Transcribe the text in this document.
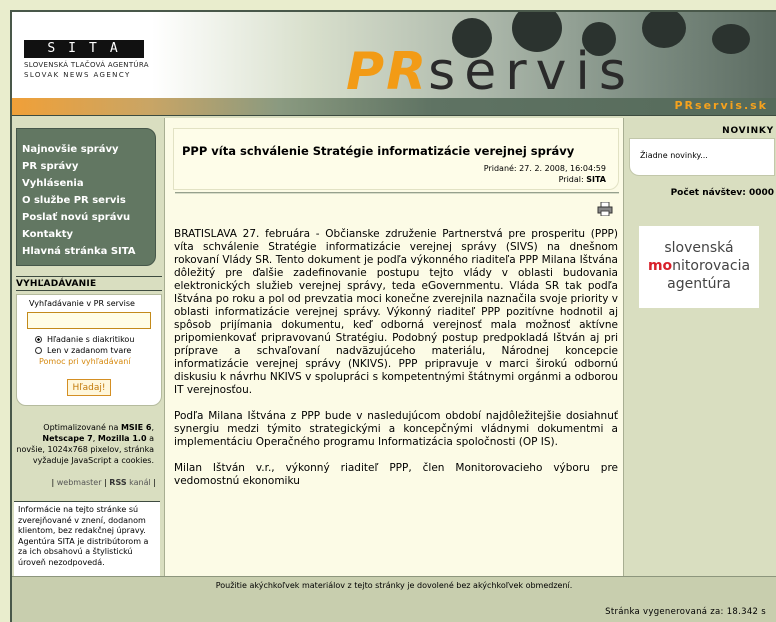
SITA
SLOVENSKÁ TLAČOVÁ AGENTÚRA
SLOVAK NEWS AGENCY	PRservis
PRservis.sk
Najnovšie správy
PR správy
Vyhlásenia
O službe PR servis
Poslať novú správu
Kontakty
Hlavná stránka SITA
VYHĽADÁVANIE
Vyhľadávanie v PR servise
Hľadanie s diakritikou
Len v zadanom tvare
Pomoc pri vyhľadávaní
Hľadaj!
Optimalizované na MSIE 6, Netscape 7, Mozilla 1.0 a novšie, 1024x768 pixelov, stránka vyžaduje JavaScript a cookies.
| webmaster | RSS kanál |
Informácie na tejto stránke sú zverejňované v znení, dodanom klientom, bez redakčnej úpravy. Agentúra SITA je distribútorom a za ich obsahovú a štylistickú úroveň nezodpovedá.
PPP víta schválenie Stratégie informatizácie verejnej správy
Pridané: 27. 2. 2008, 16:04:59
Pridal: SITA

BRATISLAVA 27. februára - Občianske združenie Partnerstvá pre prosperitu (PPP) víta schválenie Stratégie informatizácie verejnej správy (SIVS) na dnešnom rokovaní Vlády SR. Tento dokument je podľa výkonného riaditeľa PPP Milana Ištvána dôležitý pre ďalšie zadefinovanie postupu tejto vlády v oblasti budovania elektronických služieb verejnej správy, teda eGovernmentu. Vláda SR tak podľa Ištvána po roku a pol od prevzatia moci konečne zverejnila naznačila svoje priority v oblasti informatizácie verejnej správy. Výkonný riaditeľ PPP pozitívne hodnotil aj spôsob prijímania dokumentu, keď odborná verejnosť mala možnosť aktívne pripomienkovať pripravovanú Stratégiu. Podobný postup predpokladá Ištván aj pri príprave a schvaľovaní nadväzujúceho materiálu, Národnej koncepcie informatizácie verejnej správy (NKIVS). PPP pripravuje v marci širokú odbornú diskusiu k návrhu NKIVS v spolupráci s kompetentnými štátnymi orgánmi a odborou IT verejnosťou.

Podľa Milana Ištvána z PPP bude v nasledujúcom období najdôležitejšie dosiahnuť synergiu medzi týmito strategickými a koncepčnými vládnymi dokumentmi a implementáciu Operačného programu Informatizácia spoločnosti (OP IS).

Milan Ištván v.r., výkonný riaditeľ PPP, člen Monitorovacieho výboru pre vedomostnú ekonomiku

NOVINKY
Žiadne novinky...
Počet návštev: 0000
slovenská
monitorovacia
agentúra
Použitie akýchkoľvek materiálov z tejto stránky je dovolené bez akýchkoľvek obmedzení.
Stránka vygenerovaná za: 18.342 s
